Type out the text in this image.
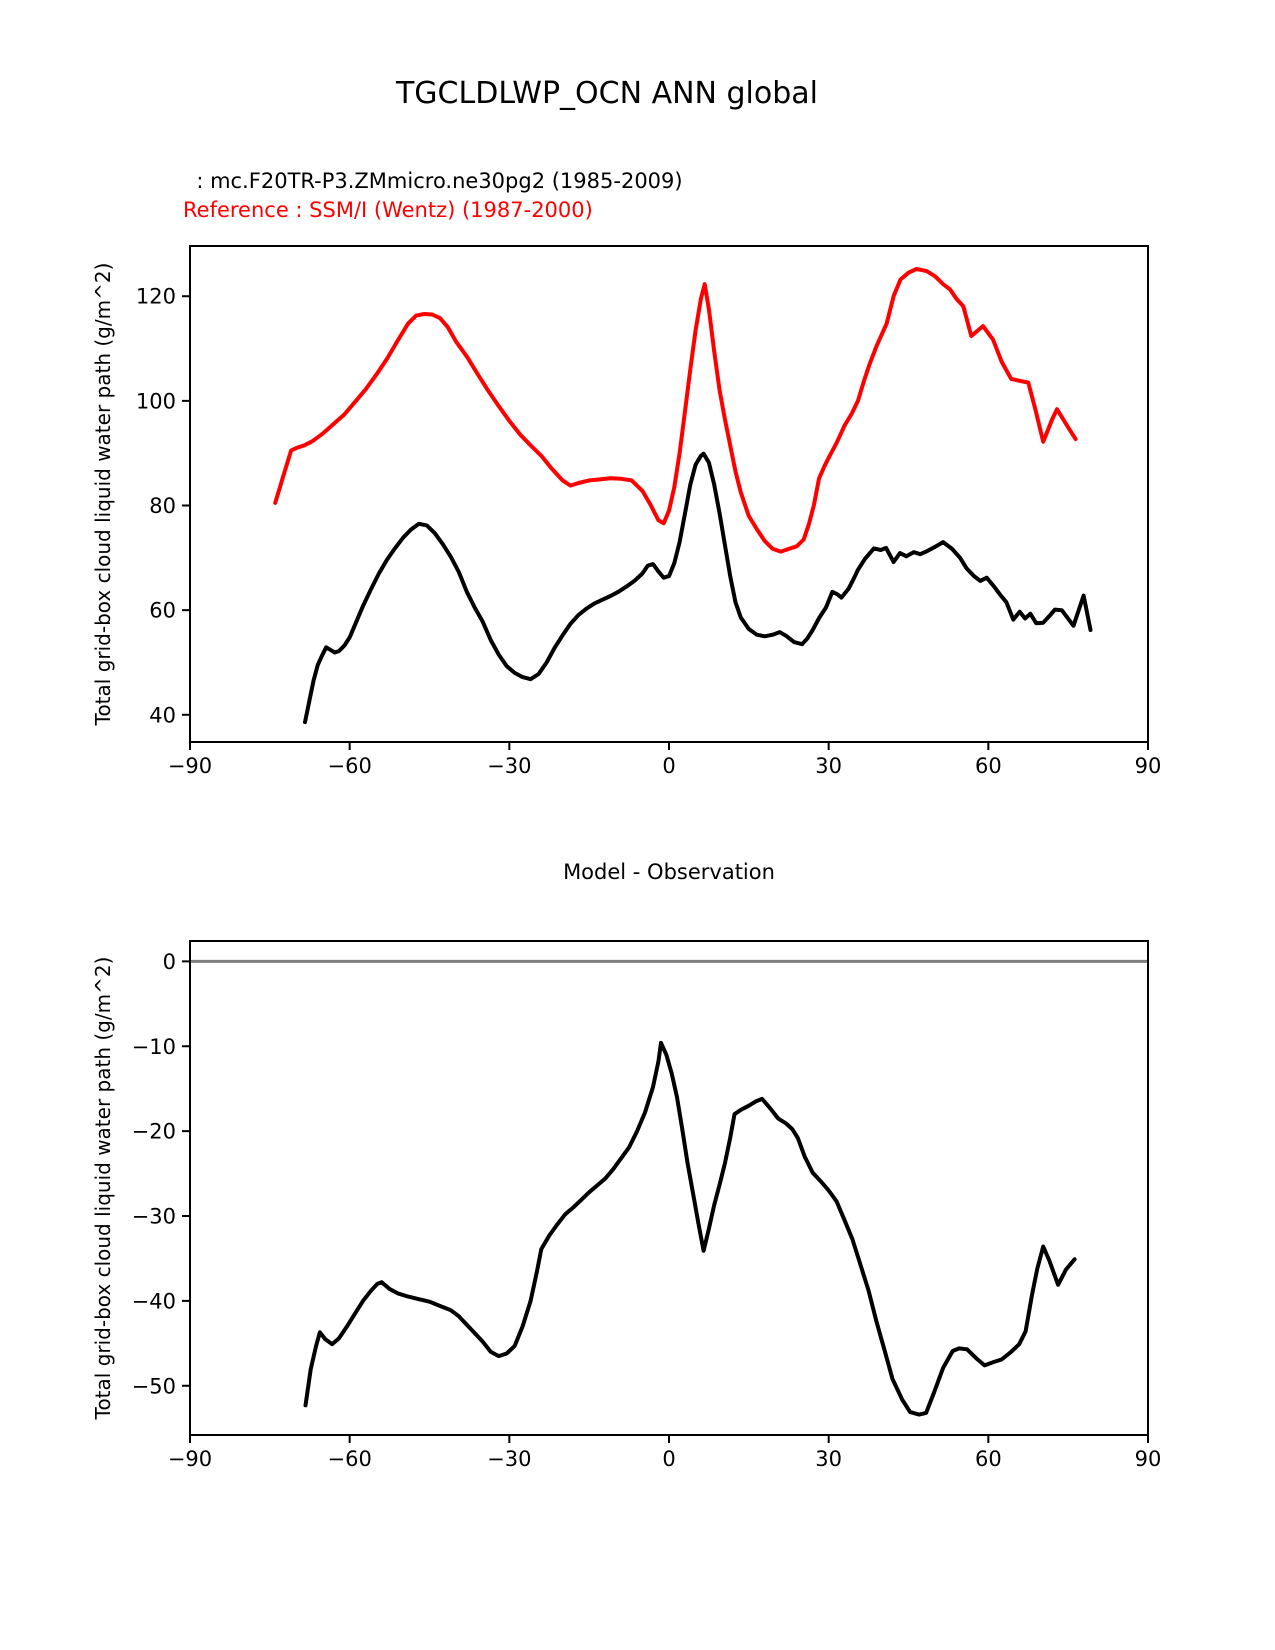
TGCLDLWP_OCN ANN global
: mc.F20TR-P3.ZMmicro.ne30pg2 (1985-2009)
Reference : SSM/I (Wentz) (1987-2000)
Total grid-box cloud liquid water path (g/m^2)
Total grid-box cloud liquid water path (g/m^2)
Model - Observation
−90	−60	−30	0	30	60	90
40
60
80
100
120
−90	−60	−30	0	30	60	90
0
−10
−20
−30
−40
−50
